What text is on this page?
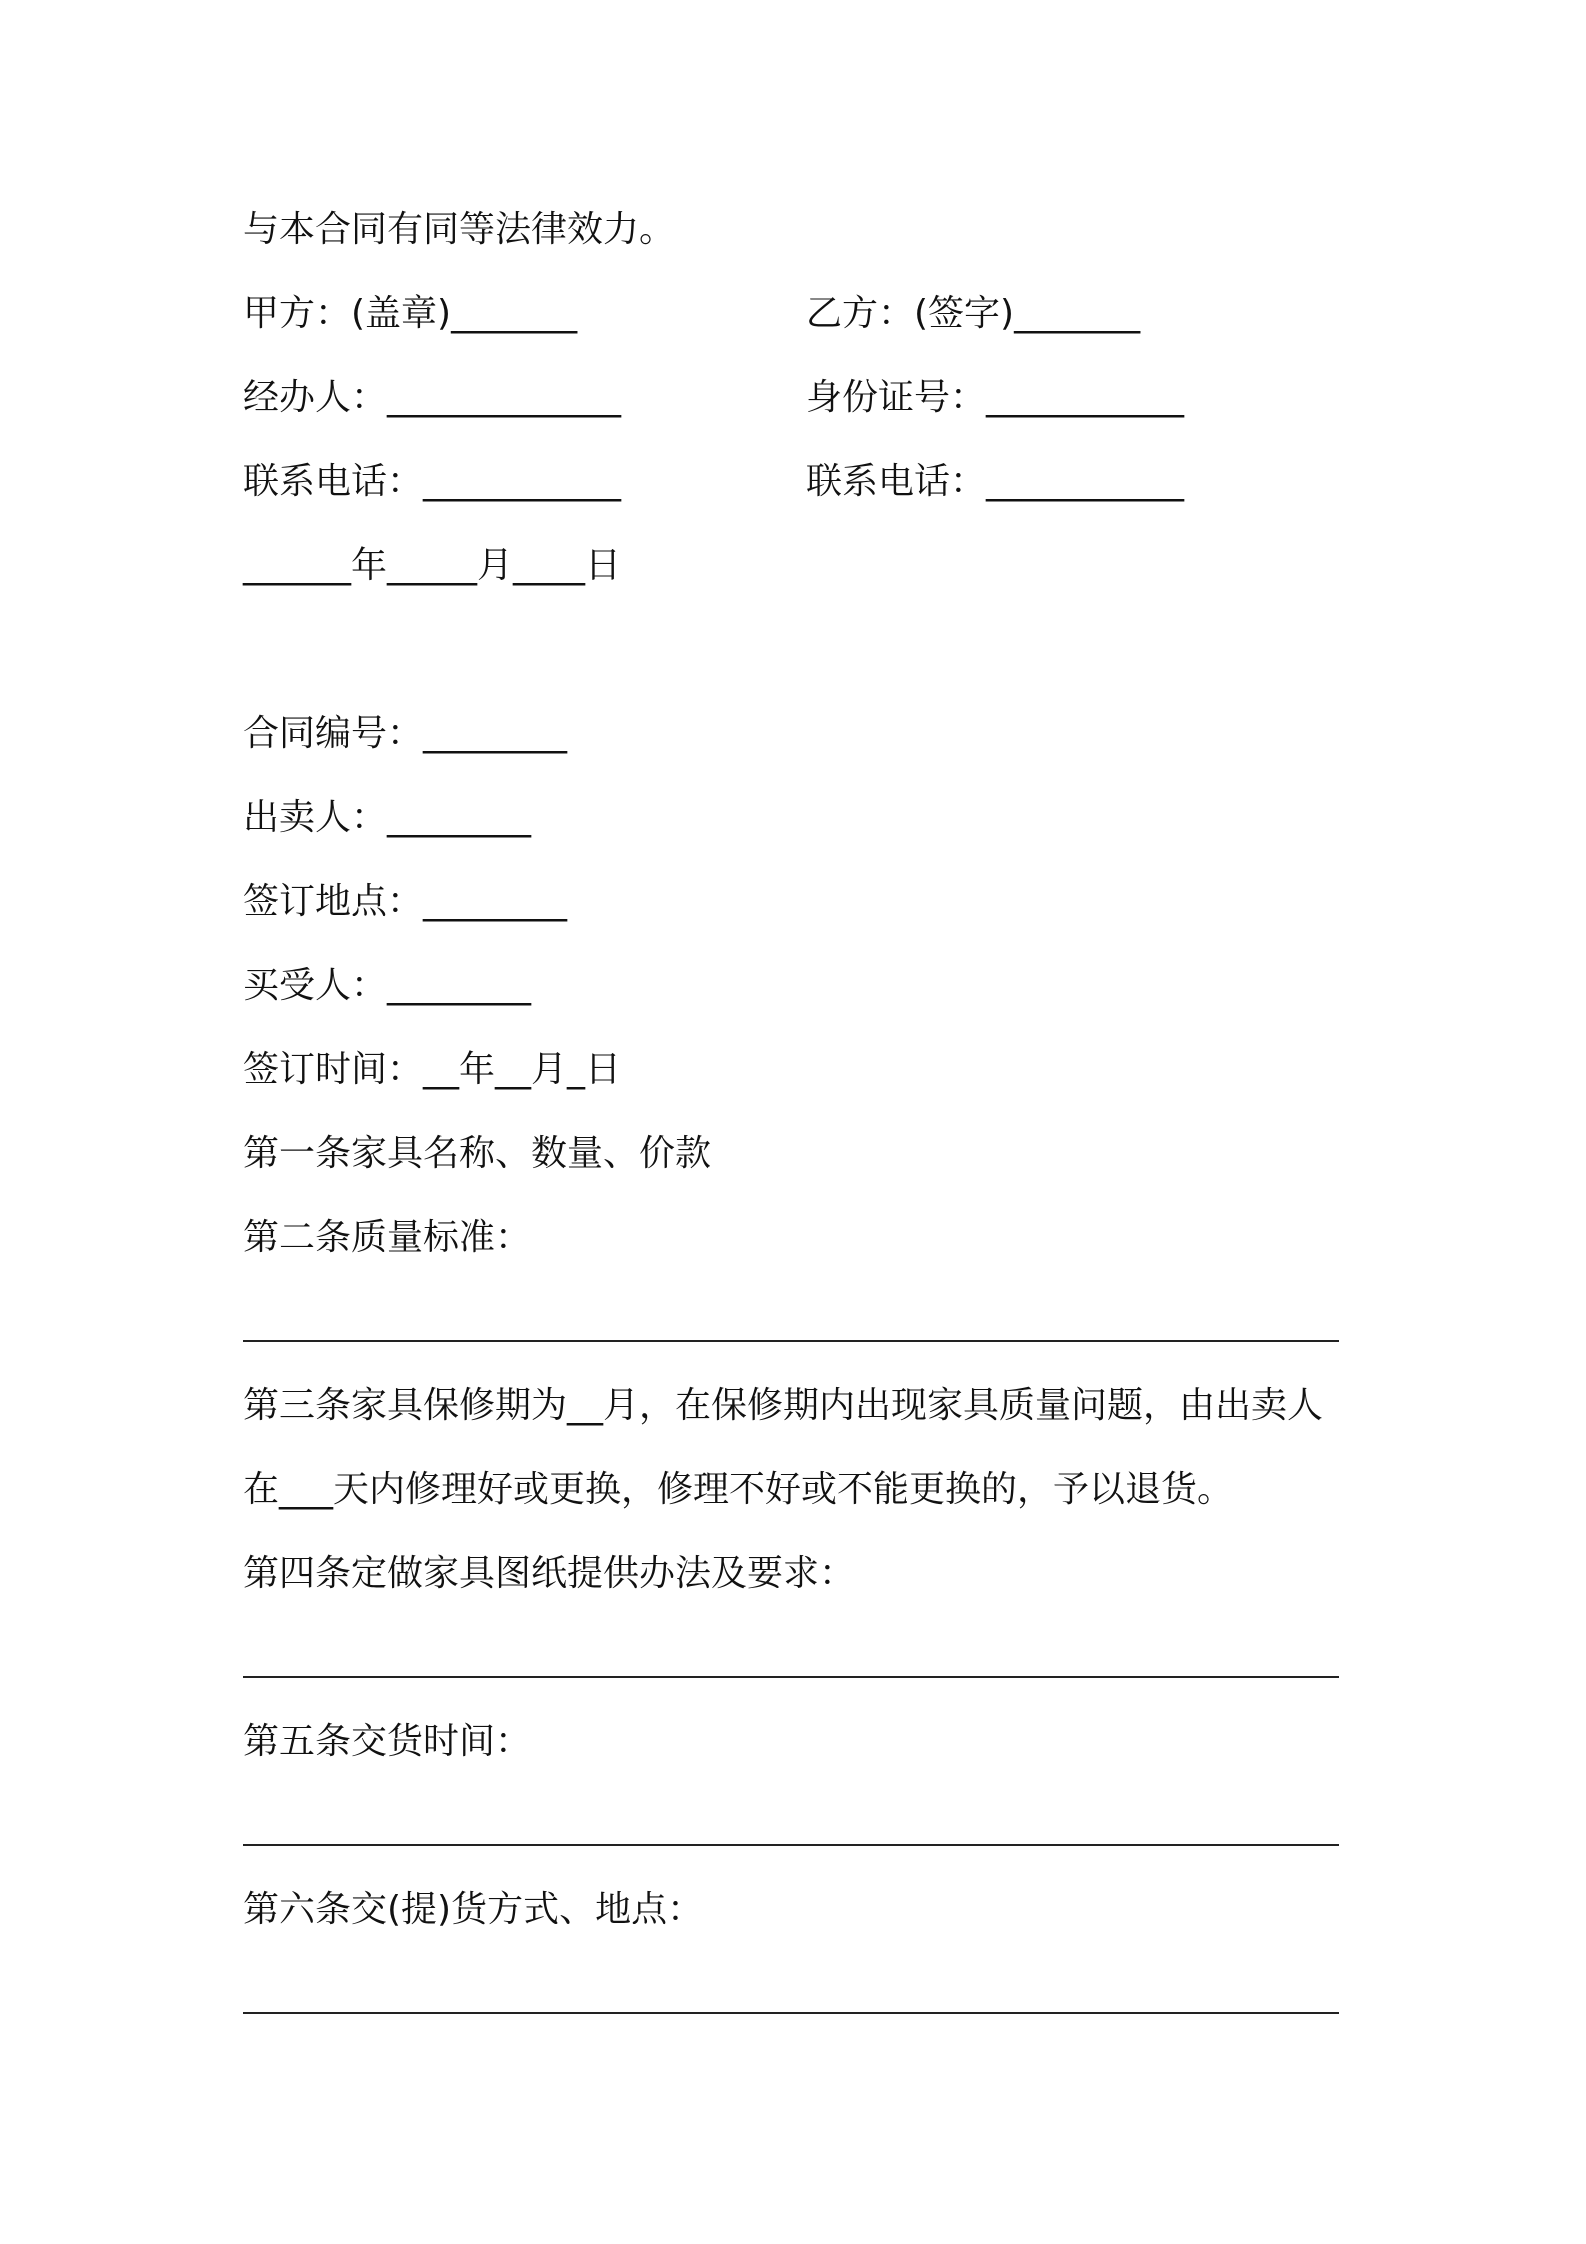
与本合同有同等法律效力。
甲方：(盖章)_______	乙方：(签字)_______
经办人：_____________	身份证号：___________
联系电话：___________	联系电话：___________
______年_____月____日
合同编号：________
出卖人：________
签订地点：________
买受人：________
签订时间：__年__月_日
第一条家具名称、数量、价款
第二条质量标准：
第三条家具保修期为__月，在保修期内出现家具质量问题，由出卖人
在___天内修理好或更换，修理不好或不能更换的，予以退货。
第四条定做家具图纸提供办法及要求：
第五条交货时间：
第六条交(提)货方式、地点：
